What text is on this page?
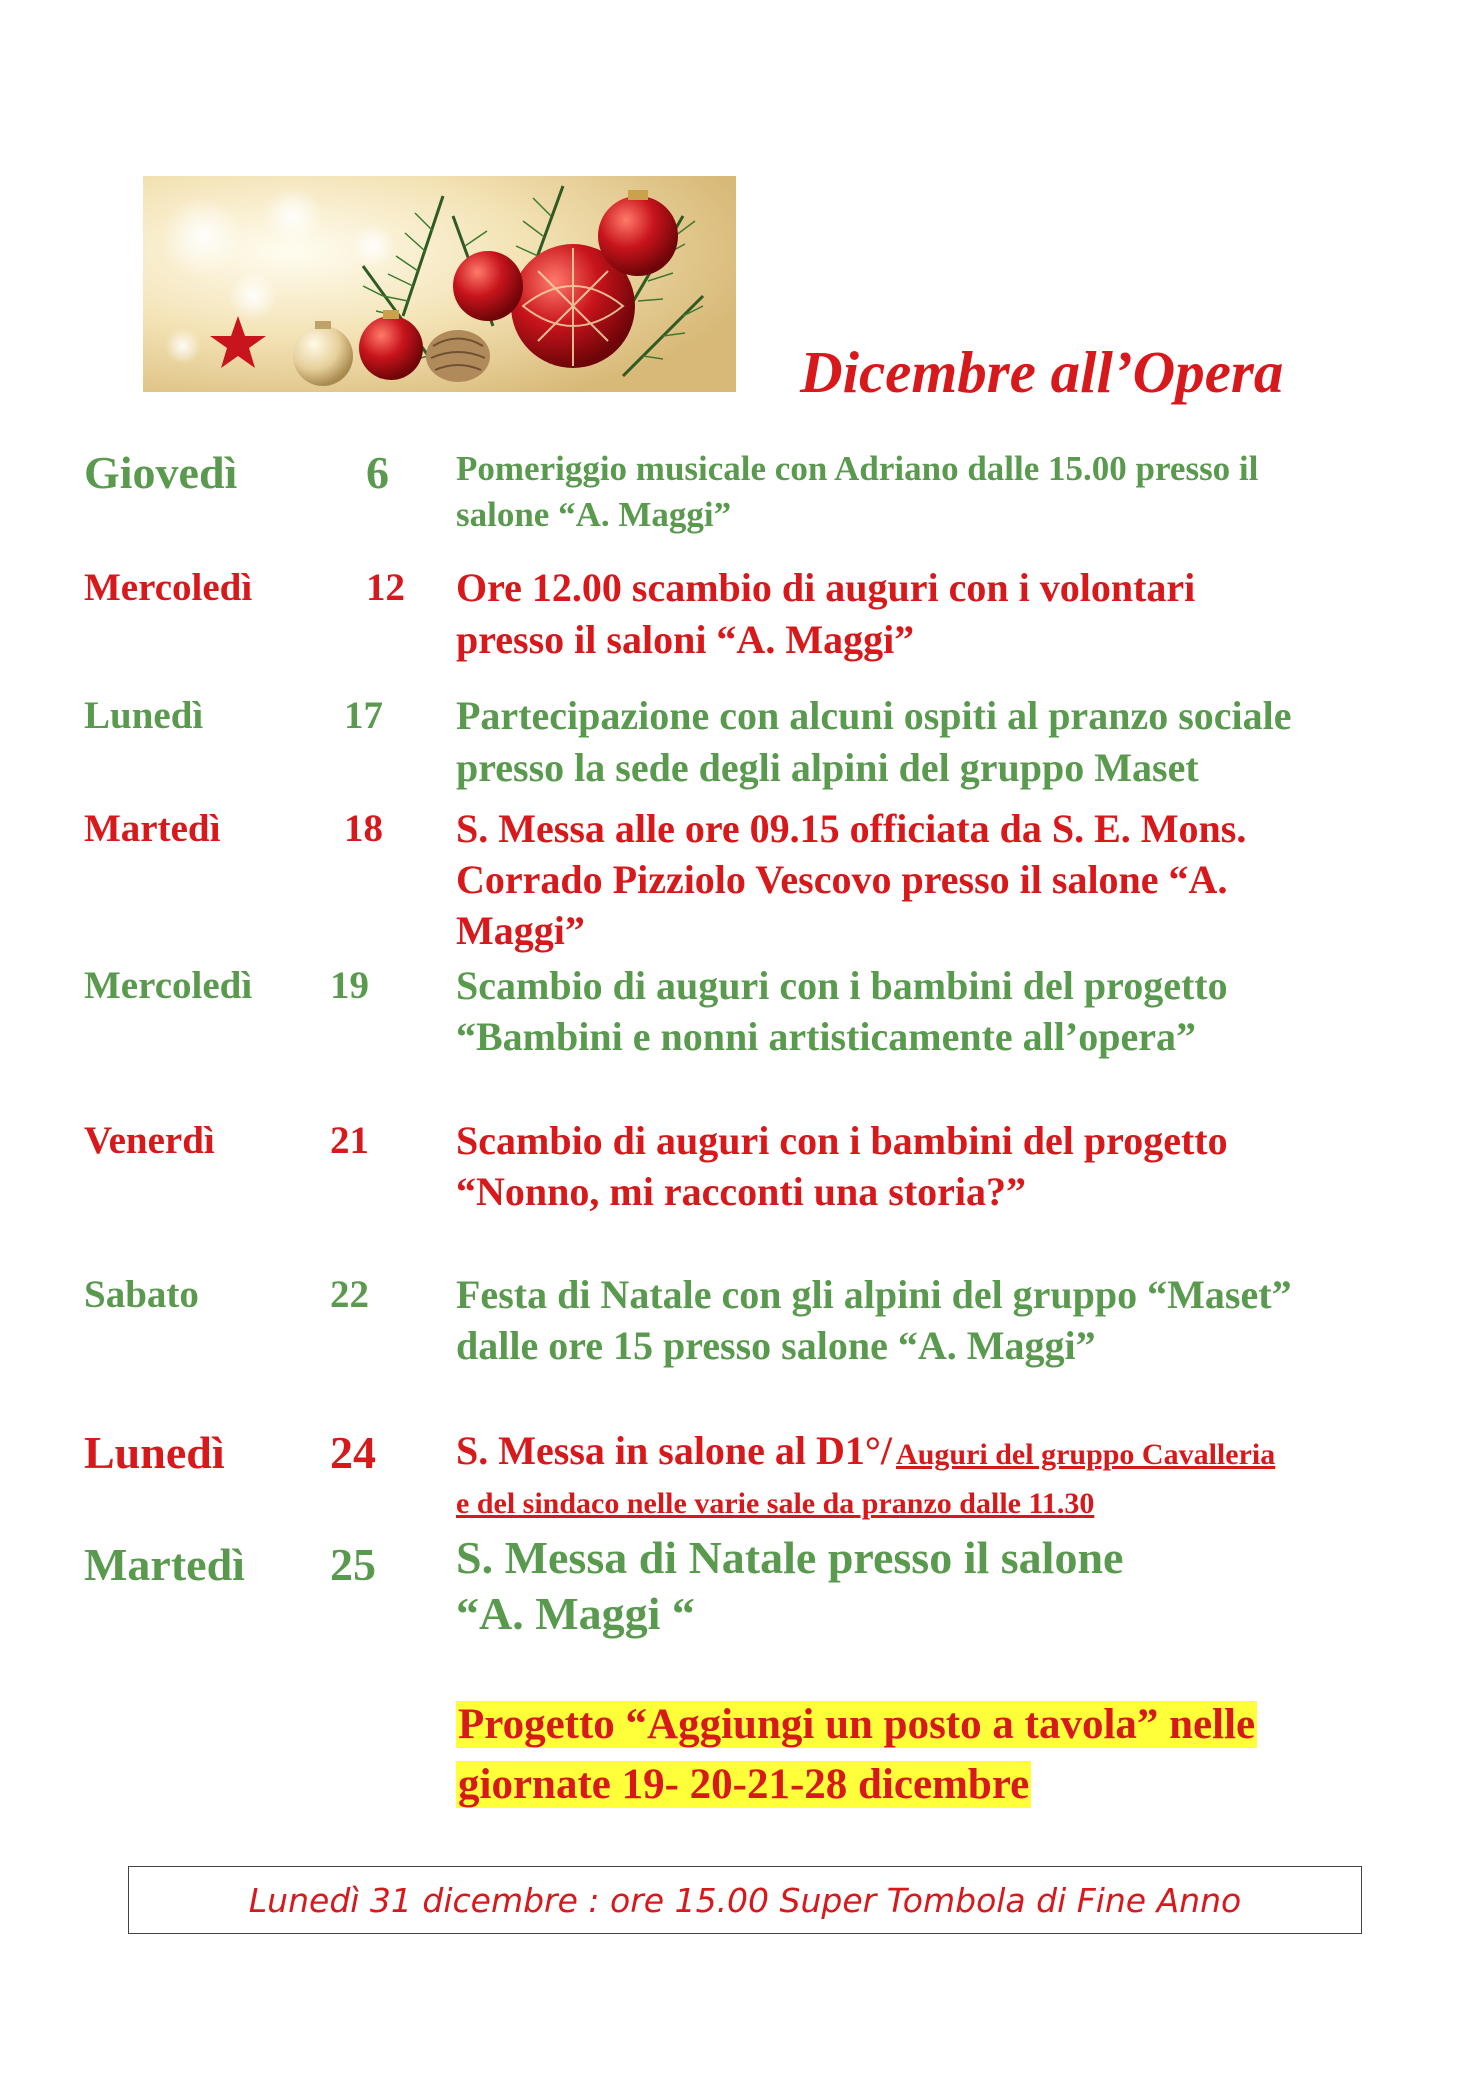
Dicembre all’Opera
Giovedì	6 Pomeriggio musicale con Adriano dalle 15.00 presso il
salone “A. Maggi”
Mercoledì	12 Ore 12.00 scambio di auguri con i volontari
presso il saloni “A. Maggi”
Lunedì	17 Partecipazione con alcuni ospiti al pranzo sociale
presso la sede degli alpini del gruppo Maset
Martedì	18 S. Messa alle ore 09.15 officiata da S. E. Mons.
Corrado Pizziolo Vescovo presso il salone “A.
Maggi”
Mercoledì 19 Scambio di auguri con i bambini del progetto
“Bambini e nonni artisticamente all’opera”
Venerdì	21 Scambio di auguri con i bambini del progetto
“Nonno, mi racconti una storia?”
Sabato	22 Festa di Natale con gli alpini del gruppo “Maset”
dalle ore 15 presso salone “A. Maggi”
Lunedì 24 S. Messa in salone al D1°/ Auguri del gruppo Cavalleria
e del sindaco nelle varie sale da pranzo dalle 11.30
Martedì 25 S. Messa di Natale presso il salone
“A. Maggi “
Progetto “Aggiungi un posto a tavola” nelle
giornate 19- 20-21-28 dicembre
Lunedì 31 dicembre : ore 15.00 Super Tombola di Fine Anno
